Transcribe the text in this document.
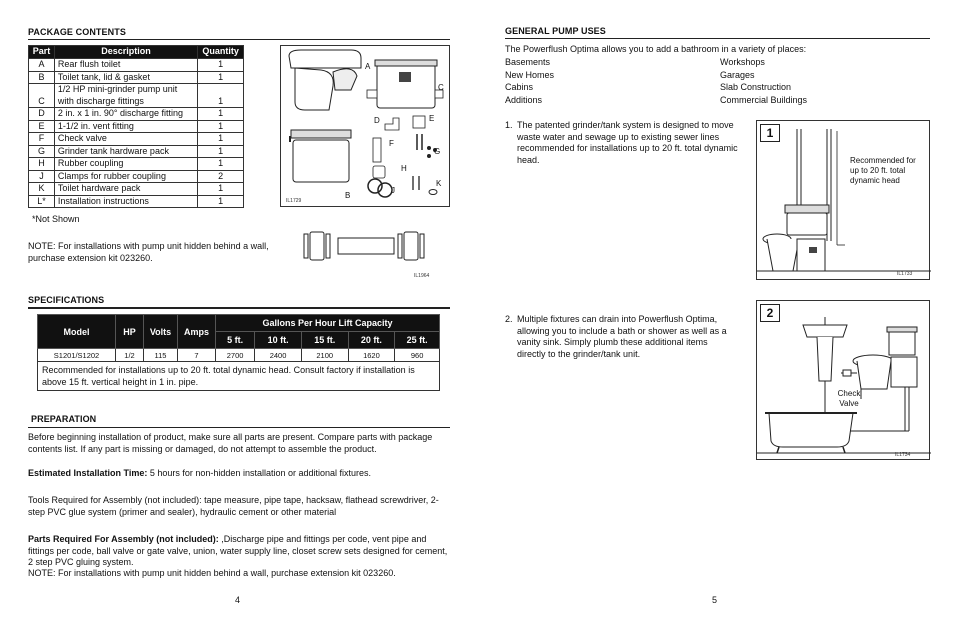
PACKAGE CONTENTS
Part	Description	Quantity
A	Rear flush toilet	1
B	Toilet tank, lid & gasket	1
C	1/2 HP mini-grinder pump unit with discharge fittings	1
D	2 in. x 1 in. 90° discharge fitting	1
E	1-1/2 in. vent fitting	1
F	Check valve	1
G	Grinder tank hardware pack	1
H	Rubber coupling	1
J	Clamps for rubber coupling	2
K	Toilet hardware pack	1
L*	Installation instructions	1
*Not Shown
NOTE: For installations with pump unit hidden behind a wall, purchase extension kit 023260.
A
B
C
D	E
F
G
H
J
K
IL1729
IL1964
SPECIFICATIONS
Model	HP	Volts	Amps	Gallons Per Hour Lift Capacity				
				5 ft.	10 ft.	15 ft.	20 ft.	25 ft.
S1201/S1202	1/2	115	7	2700	2400	2100	1620	960
Recommended for installations up to 20 ft. total dynamic head. Consult factory if installation is above 15 ft. vertical height in 1 in. pipe.								
PREPARATION
Before beginning installation of product, make sure all parts are present. Compare parts with package contents list. If any part is missing or damaged, do not attempt to assemble the product.
Estimated Installation Time: 5 hours for non-hidden installation or additional fixtures.
Tools Required for Assembly (not included): tape measure, pipe tape, hacksaw, flathead screwdriver, 2-step PVC glue system (primer and sealer), hydraulic cement or other material
Parts Required For Assembly (not included): ,Discharge pipe and fittings per code, vent pipe and fittings per code, ball valve or gate valve, union, water supply line, closet screw sets designed for cement, 2 step PVC gluing system.
NOTE: For installations with pump unit hidden behind a wall, purchase extension kit 023260.
4
GENERAL PUMP USES
The Powerflush Optima allows you to add a bathroom in a variety of places:
Basements
New Homes
Cabins
Additions
Workshops
Garages
Slab Construction
Commercial Buildings
1. The patented grinder/tank system is designed to move waste water and sewage up to existing sewer lines recommended for installations up to 20 ft. total dynamic head.
1
Recommended for up to 20 ft. total dynamic head
IL1733
2. Multiple fixtures can drain into Powerflush Optima, allowing you to include a bath or shower as well as a vanity sink. Simply plumb these additional items directly to the grinder/tank unit.
2
Check Valve
IL1734
5
